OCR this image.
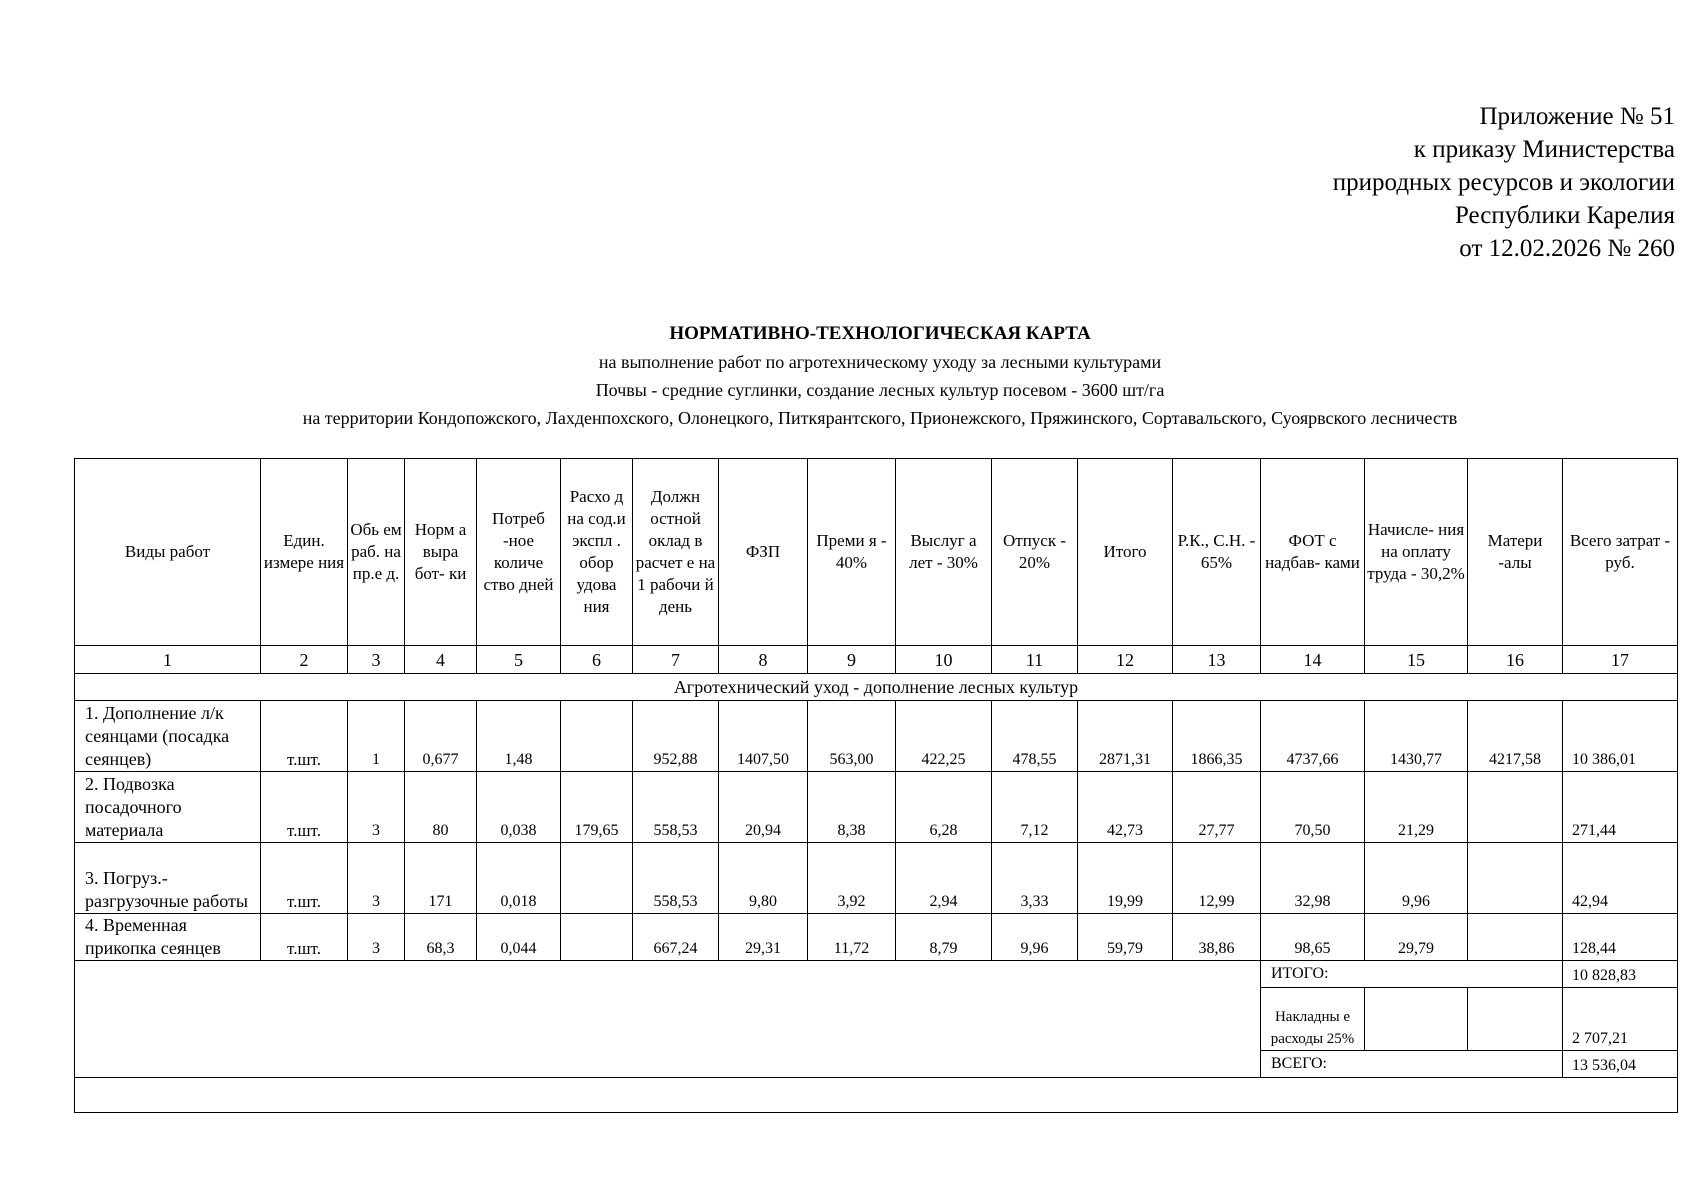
Приложение № 51
к приказу Министерства
природных ресурсов и экологии
Республики Карелия
от 12.02.2026 № 260
НОРМАТИВНО-ТЕХНОЛОГИЧЕСКАЯ КАРТА
на выполнение работ по агротехническому уходу за лесными культурами
Почвы - средние суглинки, создание лесных культур посевом - 3600 шт/га
на территории Кондопожского, Лахденпохского, Олонецкого, Питкярантского, Прионежского, Пряжинского, Сортавальского, Суоярвского лесничеств
Виды работ	Един. измере ния	Обь ем раб. на пр.е д.	Норм а выра бот- ки	Потреб -ное количе ство дней	Расхо д на сод.и экспл . обор удова ния	Должн остной оклад в расчет е на 1 рабочи й день	ФЗП	Преми я - 40%	Выслуг а лет - 30%	Отпуск - 20%	Итого	Р.К., С.Н. - 65%	ФОТ с надбав- ками	Начисле- ния на оплату труда - 30,2%	Матери -алы	Всего затрат - руб.
1	2	3	4	5	6	7	8	9	10	11	12	13	14	15	16	17
Агротехнический уход - дополнение лесных культур																
1. Дополнение л/к сеянцами (посадка сеянцев)	т.шт.	1	0,677	1,48		952,88	1407,50	563,00	422,25	478,55	2871,31	1866,35	4737,66	1430,77	4217,58	10 386,01
2. Подвозка посадочного материала	т.шт.	3	80	0,038	179,65	558,53	20,94	8,38	6,28	7,12	42,73	27,77	70,50	21,29		271,44
3. Погруз.- разгрузочные работы	т.шт.	3	171	0,018		558,53	9,80	3,92	2,94	3,33	19,99	12,99	32,98	9,96		42,94
4. Временная прикопка сеянцев	т.шт.	3	68,3	0,044		667,24	29,31	11,72	8,79	9,96	59,79	38,86	98,65	29,79		128,44
													ИТОГО:			10 828,83
													Накладны е расходы 25%			2 707,21
													ВСЕГО:			13 536,04
